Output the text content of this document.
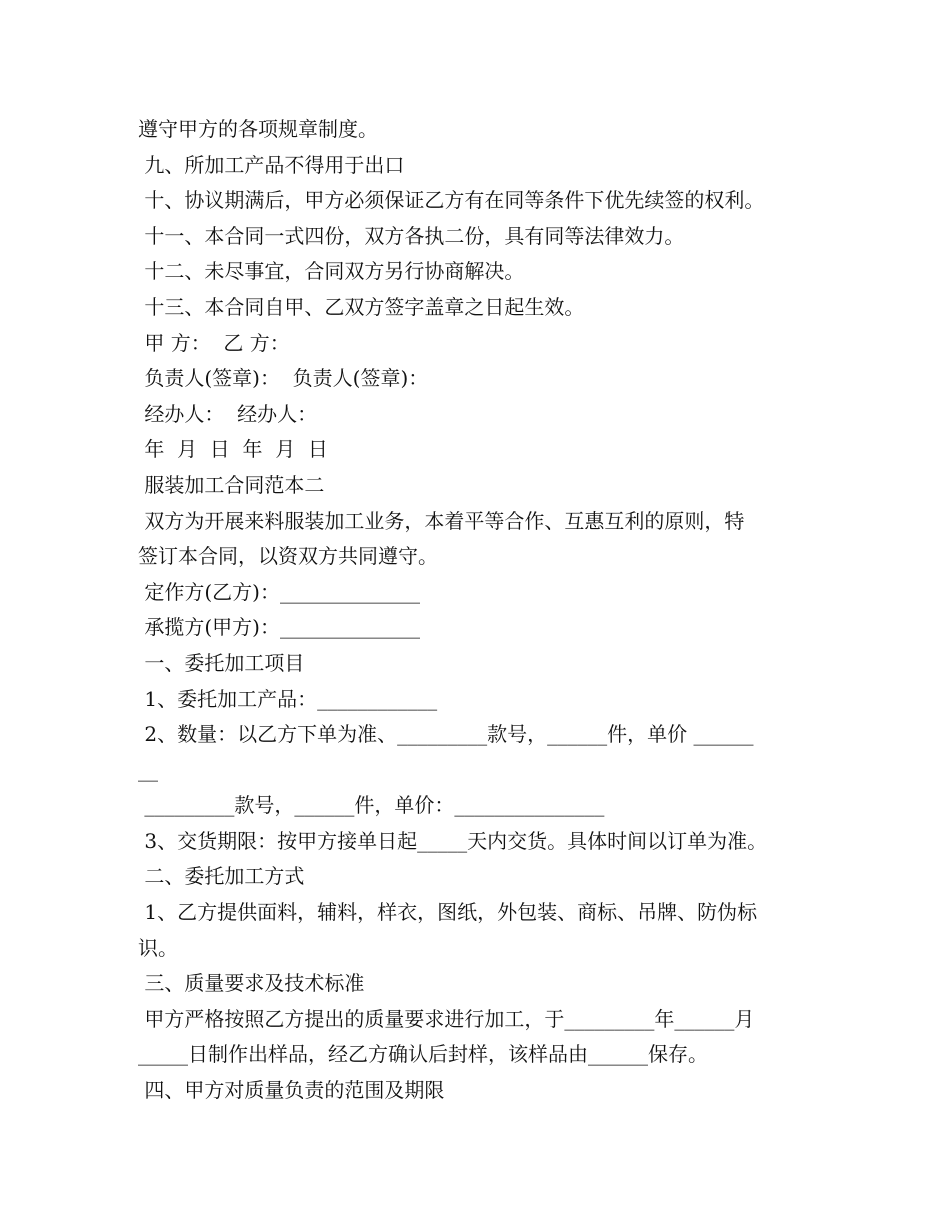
遵守甲方的各项规章制度。
九、所加工产品不得用于出口
十、协议期满后，甲方必须保证乙方有在同等条件下优先续签的权利。
十一、本合同一式四份，双方各执二份，具有同等法律效力。
十二、未尽事宜，合同双方另行协商解决。
十三、本合同自甲、乙双方签字盖章之日起生效。
甲 方：  乙 方：
负责人(签章)：  负责人(签章)：
经办人：  经办人：
年  月  日  年  月  日
服装加工合同范本二
双方为开展来料服装加工业务，本着平等合作、互惠互利的原则，特
签订本合同，以资双方共同遵守。
定作方(乙方)：______________
承揽方(甲方)：______________
一、委托加工项目
1、委托加工产品：____________
2、数量：以乙方下单为准、_________款号，______件，单价 ______
__
_________款号，______件，单价：_______________
3、交货期限：按甲方接单日起_____天内交货。具体时间以订单为准。
二、委托加工方式
1、乙方提供面料，辅料，样衣，图纸，外包装、商标、吊牌、防伪标
识。
三、质量要求及技术标准
甲方严格按照乙方提出的质量要求进行加工，于_________年______月
_____日制作出样品，经乙方确认后封样，该样品由______保存。
四、甲方对质量负责的范围及期限
